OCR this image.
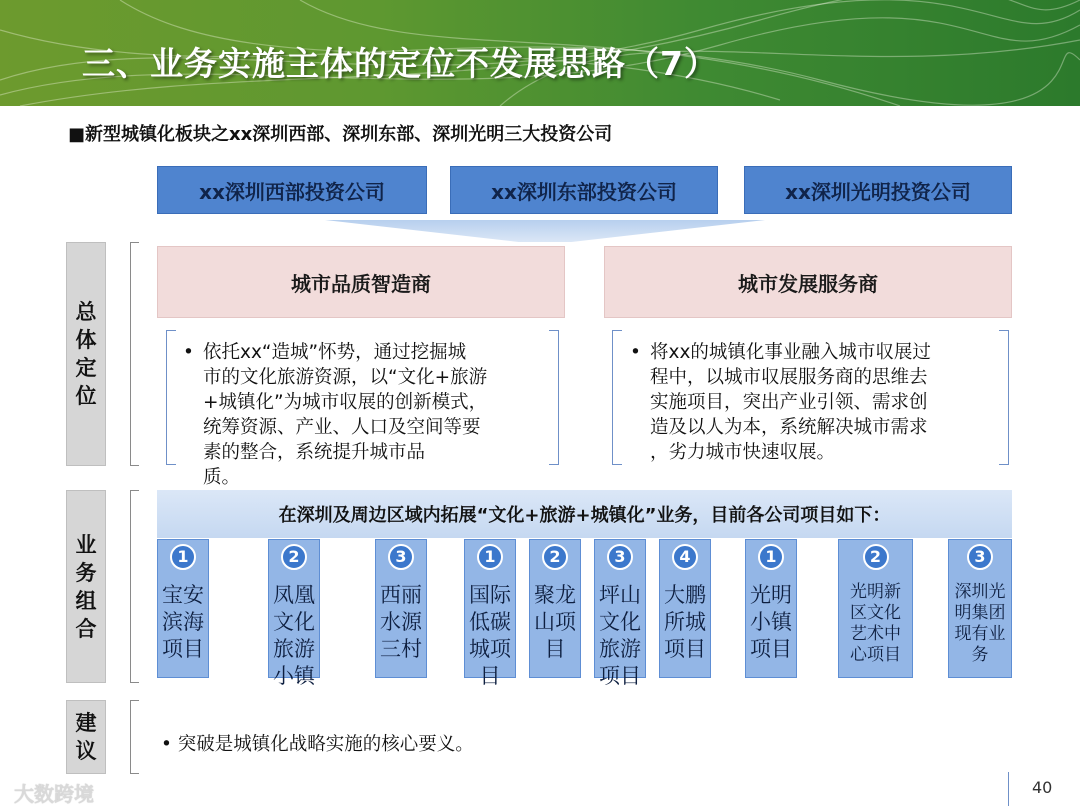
三、业务实施主体的定位不发展思路（7）
■新型城镇化板块之xx深圳西部、深圳东部、深圳光明三大投资公司
xx深圳西部投资公司	xx深圳东部投资公司	xx深圳光明投资公司
总体定位
业务组合
建议
城市品质智造商	城市发展服务商
• 依托xx“造城”怀势，通过挖掘城
市的文化旅游资源，以“文化+旅游
+城镇化”为城市収展的创新模式，
统筹资源、产业、人口及空间等要
素的整合，系统提升城市品
质。
• 将xx的城镇化事业融入城市収展过
程中，以城市収展服务商的思维去
实施项目，突出产业引领、需求创
造及以人为本，系统解决城市需求
，劣力城市快速収展。
在深圳及周边区域内拓展“文化+旅游+城镇化”业务，目前各公司项目如下：
1
宝安
滨海
项目
2
凤凰
文化
旅游
小镇
3
西丽
水源
三村
1
国际
低碳
城项
目
2
聚龙
山项
目
3
坪山
文化
旅游
项目
4
大鹏
所城
项目
1
光明
小镇
项目
2
光明新
区文化
艺术中
心项目
3
深圳光
明集团
现有业
务
• 突破是城镇化战略实施的核心要义。
大数跨境	40
